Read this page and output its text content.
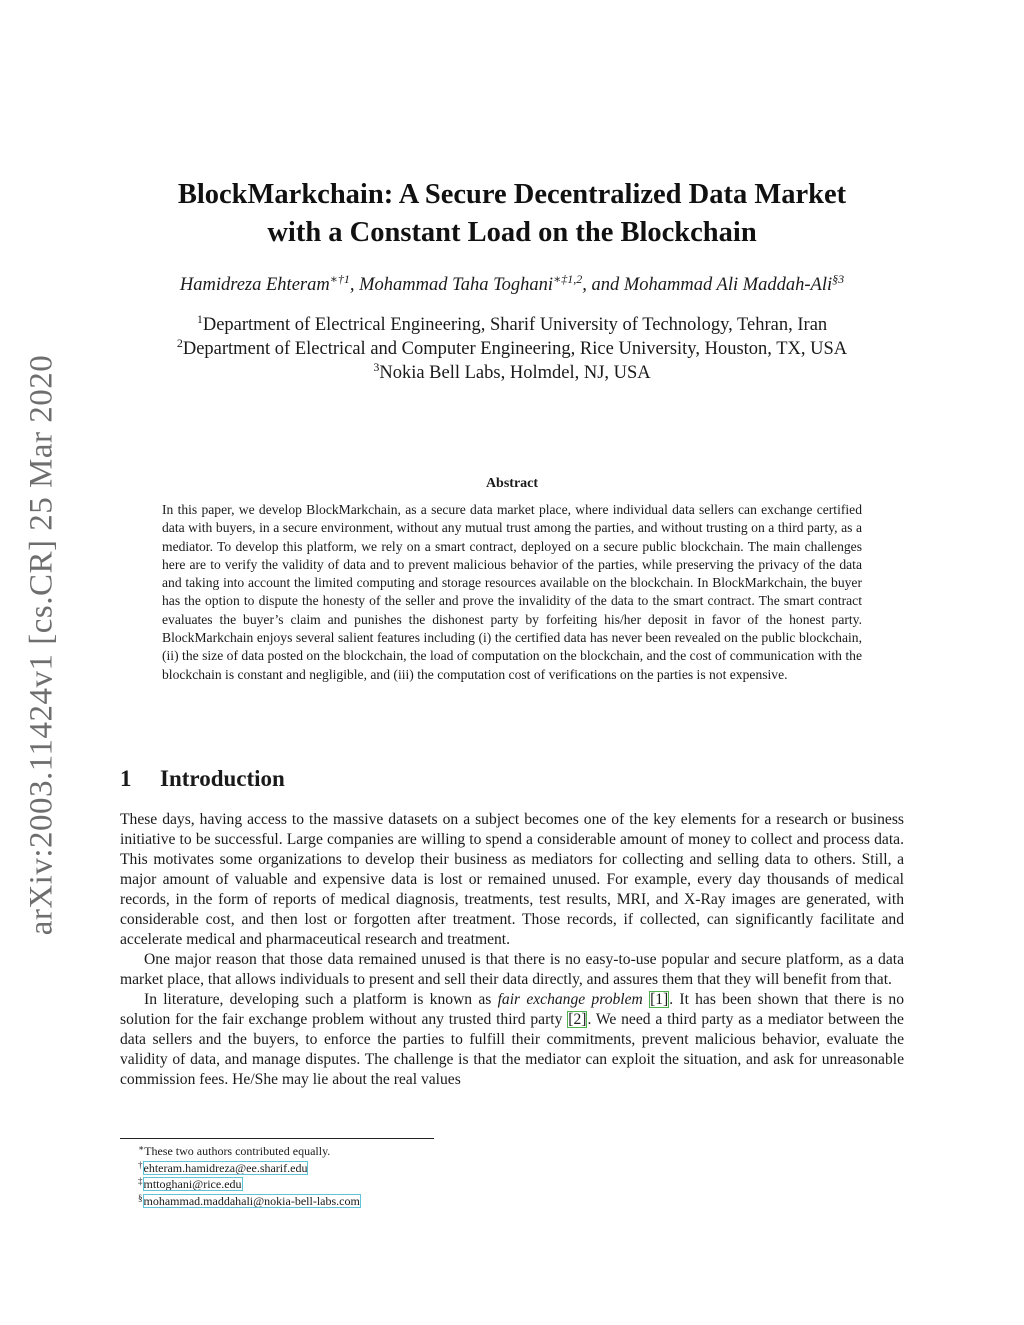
arXiv:2003.11424v1 [cs.CR] 25 Mar 2020
BlockMarkchain: A Secure Decentralized Data Market
with a Constant Load on the Blockchain
Hamidreza Ehteram$^{∗\dagger 1}$, Mohammad Taha Toghani$^{∗\ddagger 1,2}$, and Mohammad Ali Maddah-Ali$^{\S 3}$
$^1$Department of Electrical Engineering, Sharif University of Technology, Tehran, Iran
$^2$Department of Electrical and Computer Engineering, Rice University, Houston, TX, USA
$^3$Nokia Bell Labs, Holmdel, NJ, USA
Abstract
In this paper, we develop BlockMarkchain, as a secure data market place, where individual data sellers can exchange certified data with buyers, in a secure environment, without any mutual trust among the parties, and without trusting on a third party, as a mediator. To develop this platform, we rely on a smart contract, deployed on a secure public blockchain. The main challenges here are to verify the validity of data and to prevent malicious behavior of the parties, while preserving the privacy of the data and taking into account the limited computing and storage resources available on the blockchain. In BlockMarkchain, the buyer has the option to dispute the honesty of the seller and prove the invalidity of the data to the smart contract. The smart contract evaluates the buyer’s claim and punishes the dishonest party by forfeiting his/her deposit in favor of the honest party. BlockMarkchain enjoys several salient features including (i) the certified data has never been revealed on the public blockchain, (ii) the size of data posted on the blockchain, the load of computation on the blockchain, and the cost of communication with the blockchain is constant and negligible, and (iii) the computation cost of verifications on the parties is not expensive.
1 Introduction

These days, having access to the massive datasets on a subject becomes one of the key elements for a research or business initiative to be successful. Large companies are willing to spend a considerable amount of money to collect and process data. This motivates some organizations to develop their business as mediators for collecting and selling data to others. Still, a major amount of valuable and expensive data is lost or remained unused. For example, every day thousands of medical records, in the form of reports of medical diagnosis, treatments, test results, MRI, and X-Ray images are generated, with considerable cost, and then lost or forgotten after treatment. Those records, if collected, can significantly facilitate and accelerate medical and pharmaceutical research and treatment.

One major reason that those data remained unused is that there is no easy-to-use popular and secure platform, as a data market place, that allows individuals to present and sell their data directly, and assures them that they will benefit from that.

In literature, developing such a platform is known as fair exchange problem [1]. It has been shown that there is no solution for the fair exchange problem without any trusted third party [2]. We need a third party as a mediator between the data sellers and the buyers, to enforce the parties to fulfill their commitments, prevent malicious behavior, evaluate the validity of data, and manage disputes. The challenge is that the mediator can exploit the situation, and ask for unreasonable commission fees. He/She may lie about the real values

∗These two authors contributed equally.
†ehteram.hamidreza@ee.sharif.edu
‡mttoghani@rice.edu
§mohammad.maddahali@nokia-bell-labs.com
